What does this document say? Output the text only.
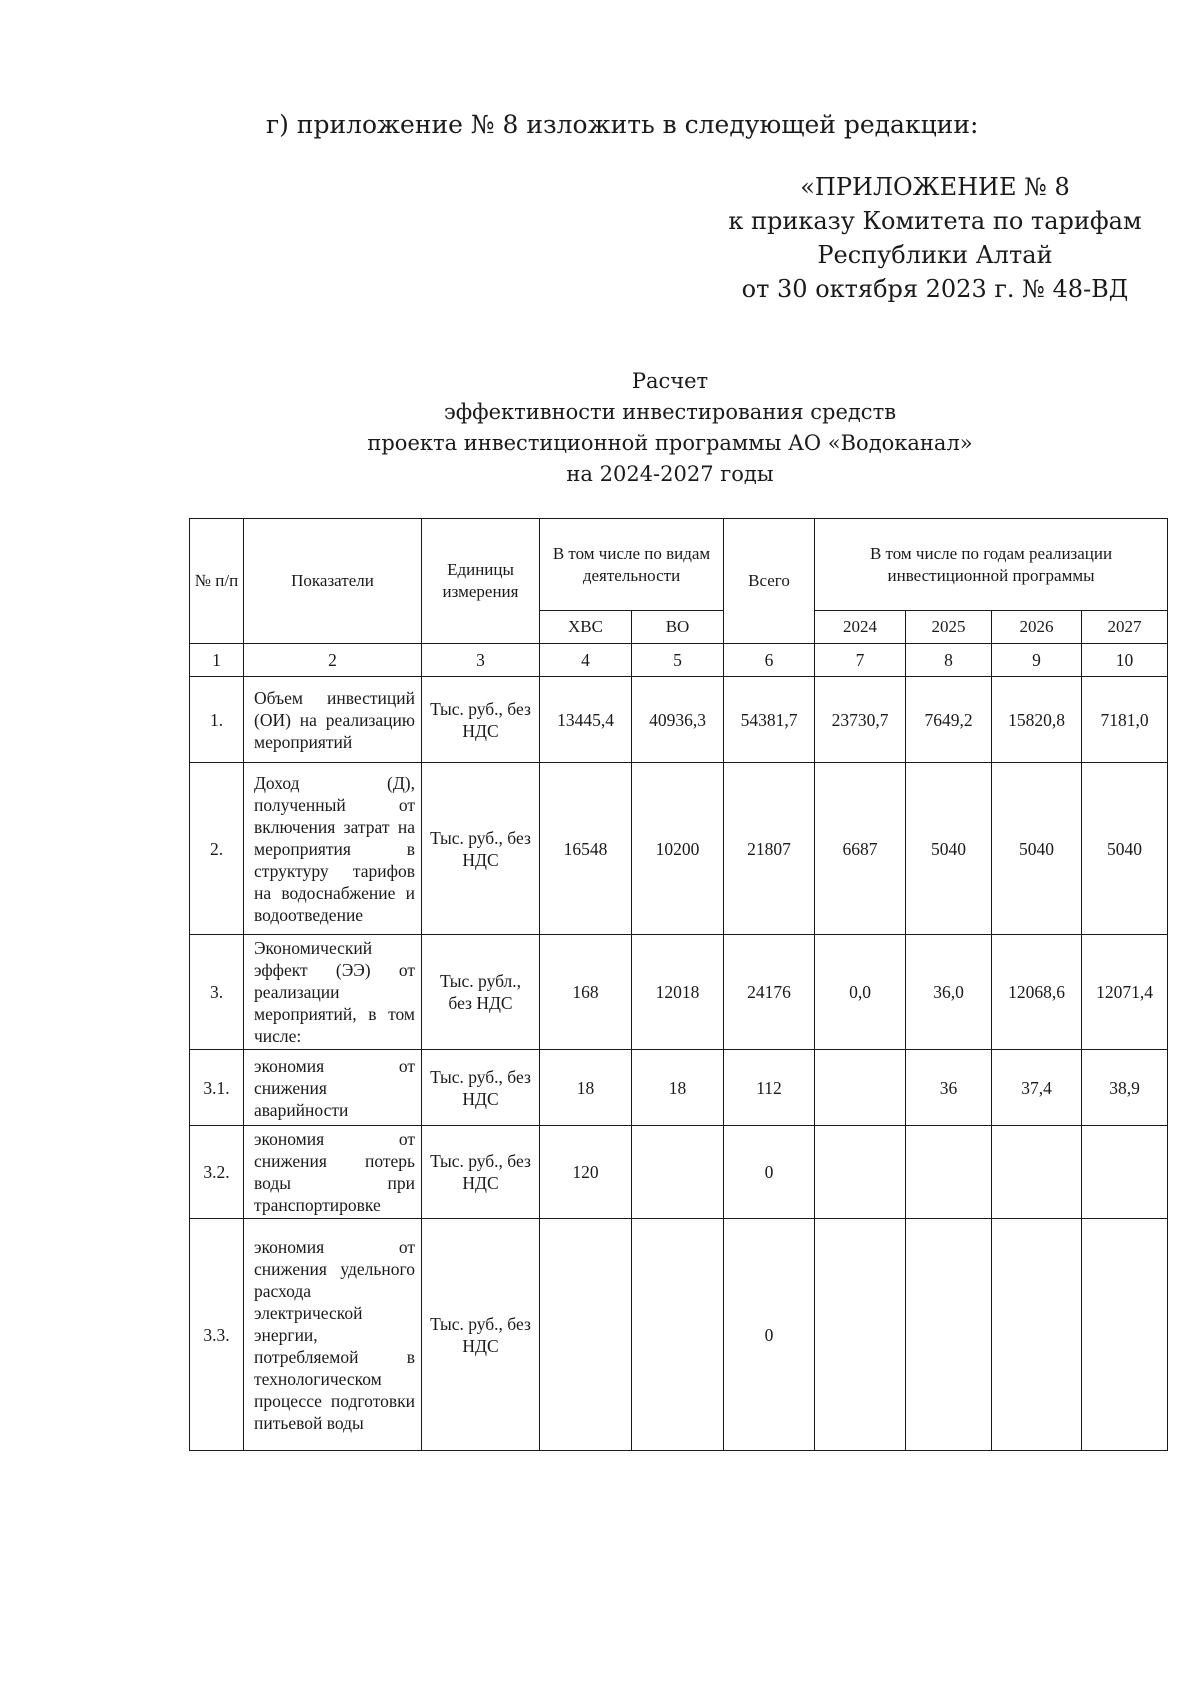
г) приложение № 8 изложить в следующей редакции:
«ПРИЛОЖЕНИЕ № 8
к приказу Комитета по тарифам
Республики Алтай
от 30 октября 2023 г. № 48-ВД
Расчет
эффективности инвестирования средств
проекта инвестиционной программы АО «Водоканал»
на 2024-2027 годы
№ п/п	Показатели	Единицы измерения	В том числе по видам деятельности		Всего	В том числе по годам реализации инвестиционной программы			
			ХВС	ВО		2024	2025	2026	2027
1	2	3	4	5	6	7	8	9	10
1.	Объем инвестиций (ОИ) на реализацию мероприятий	Тыс. руб., без НДС	13445,4	40936,3	54381,7	23730,7	7649,2	15820,8	7181,0
2.	Доход (Д), полученный от включения затрат на мероприятия в структуру тарифов на водоснабжение и водоотведение	Тыс. руб., без НДС	16548	10200	21807	6687	5040	5040	5040
3.	Экономический эффект (ЭЭ) от реализации мероприятий, в том числе:	Тыс. рубл., без НДС	168	12018	24176	0,0	36,0	12068,6	12071,4
3.1.	экономия от снижения аварийности	Тыс. руб., без НДС	18	18	112		36	37,4	38,9
3.2.	экономия от снижения потерь воды при транспортировке	Тыс. руб., без НДС	120		0				
3.3.	экономия от снижения удельного расхода электрической энергии, потребляемой в технологическом процессе подготовки питьевой воды	Тыс. руб., без НДС			0				
